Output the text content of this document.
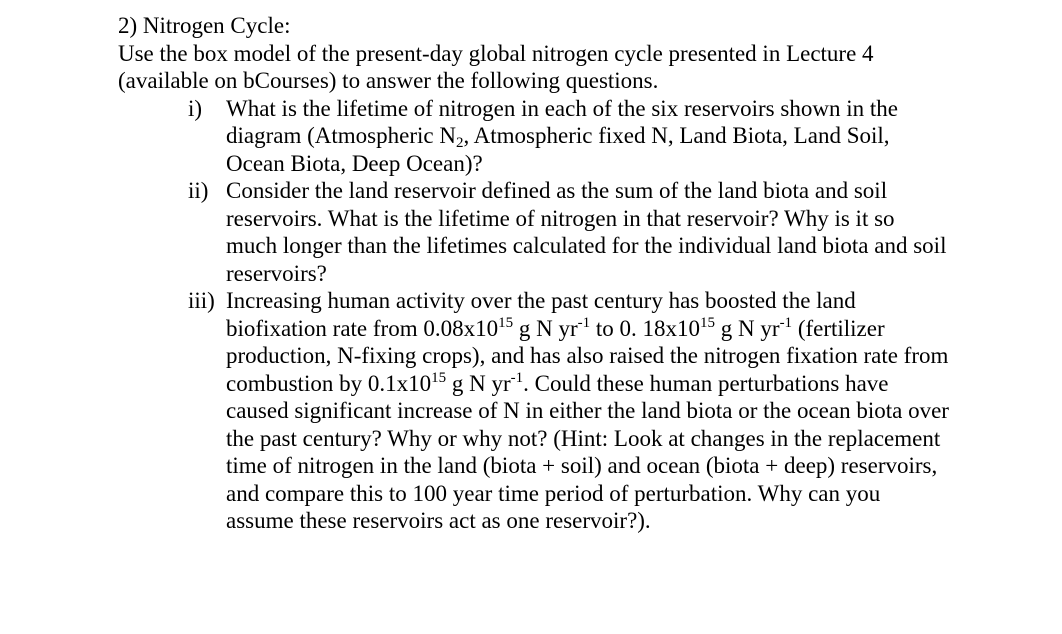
2) Nitrogen Cycle:
Use the box model of the present-day global nitrogen cycle presented in Lecture 4
(available on bCourses) to answer the following questions.
i) What is the lifetime of nitrogen in each of the six reservoirs shown in the
diagram (Atmospheric $N_2$, Atmospheric fixed N, Land Biota, Land Soil,
Ocean Biota, Deep Ocean)?
ii) Consider the land reservoir defined as the sum of the land biota and soil
reservoirs. What is the lifetime of nitrogen in that reservoir? Why is it so
much longer than the lifetimes calculated for the individual land biota and soil
reservoirs?
iii) Increasing human activity over the past century has boosted the land
biofixation rate from $0.08x10^{15}$ g N $yr^{-1}$ to 0. $18x10^{15}$ g N $yr^{-1}$ (fertilizer
production, N-fixing crops), and has also raised the nitrogen fixation rate from
combustion by $0.1x10^{15}$ g N $yr^{-1}$. Could these human perturbations have
caused significant increase of N in either the land biota or the ocean biota over
the past century? Why or why not? (Hint: Look at changes in the replacement
time of nitrogen in the land (biota + soil) and ocean (biota + deep) reservoirs,
and compare this to 100 year time period of perturbation. Why can you
assume these reservoirs act as one reservoir?).
